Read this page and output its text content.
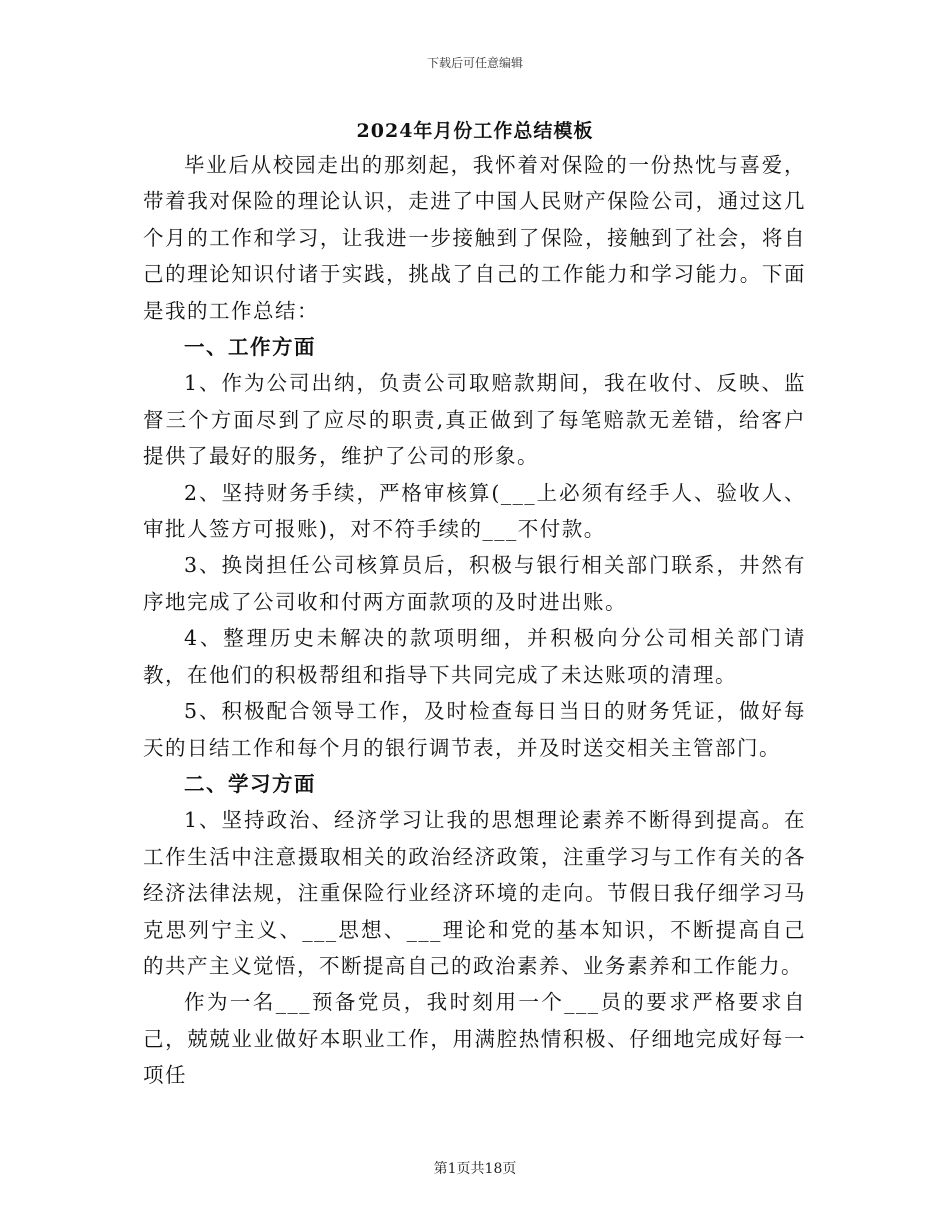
下载后可任意编辑
2024年月份工作总结模板

毕业后从校园走出的那刻起，我怀着对保险的一份热忱与喜爱，带着我对保险的理论认识，走进了中国人民财产保险公司，通过这几个月的工作和学习，让我进一步接触到了保险，接触到了社会，将自己的理论知识付诸于实践，挑战了自己的工作能力和学习能力。下面是我的工作总结：

一、工作方面

1、作为公司出纳，负责公司取赔款期间，我在收付、反映、监督三个方面尽到了应尽的职责,真正做到了每笔赔款无差错，给客户提供了最好的服务，维护了公司的形象。

2、坚持财务手续，严格审核算(___上必须有经手人、验收人、审批人签方可报账)，对不符手续的___不付款。

3、换岗担任公司核算员后，积极与银行相关部门联系，井然有序地完成了公司收和付两方面款项的及时进出账。

4、整理历史未解决的款项明细，并积极向分公司相关部门请教，在他们的积极帮组和指导下共同完成了未达账项的清理。

5、积极配合领导工作，及时检查每日当日的财务凭证，做好每天的日结工作和每个月的银行调节表，并及时送交相关主管部门。

二、学习方面

1、坚持政治、经济学习让我的思想理论素养不断得到提高。在工作生活中注意摄取相关的政治经济政策，注重学习与工作有关的各经济法律法规，注重保险行业经济环境的走向。节假日我仔细学习马克思列宁主义、___思想、___理论和党的基本知识，不断提高自己的共产主义觉悟，不断提高自己的政治素养、业务素养和工作能力。

作为一名___预备党员，我时刻用一个___员的要求严格要求自己，兢兢业业做好本职业工作，用满腔热情积极、仔细地完成好每一项任

第1页共18页
